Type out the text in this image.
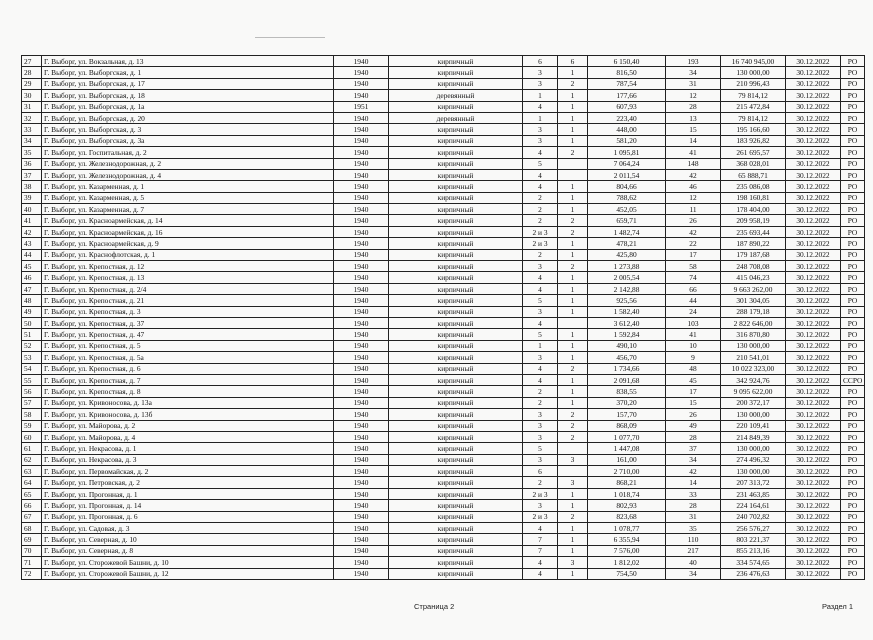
27	Г. Выборг, ул. Вокзальная, д. 13	1940	кирпичный	6	6	6 150,40	193	16 740 945,00	30.12.2022	РО
28	Г. Выборг, ул. Выборгская, д. 1	1940	кирпичный	3	1	816,50	34	130 000,00	30.12.2022	РО
29	Г. Выборг, ул. Выборгская, д. 17	1940	кирпичный	3	2	787,54	31	210 996,43	30.12.2022	РО
30	Г. Выборг, ул. Выборгская, д. 18	1940	деревянный	1	1	177,66	12	79 814,12	30.12.2022	РО
31	Г. Выборг, ул. Выборгская, д. 1а	1951	кирпичный	4	1	607,93	28	215 472,84	30.12.2022	РО
32	Г. Выборг, ул. Выборгская, д. 20	1940	деревянный	1	1	223,40	13	79 814,12	30.12.2022	РО
33	Г. Выборг, ул. Выборгская, д. 3	1940	кирпичный	3	1	448,00	15	195 166,60	30.12.2022	РО
34	Г. Выборг, ул. Выборгская, д. 3а	1940	кирпичный	3	1	581,20	14	183 926,82	30.12.2022	РО
35	Г. Выборг, ул. Госпитальная, д. 2	1940	кирпичный	4	2	1 095,81	41	261 695,57	30.12.2022	РО
36	Г. Выборг, ул. Железнодорожная, д. 2	1940	кирпичный	5		7 064,24	148	368 028,01	30.12.2022	РО
37	Г. Выборг, ул. Железнодорожная, д. 4	1940	кирпичный	4		2 011,54	42	65 888,71	30.12.2022	РО
38	Г. Выборг, ул. Казарменная, д. 1	1940	кирпичный	4	1	804,66	46	235 086,08	30.12.2022	РО
39	Г. Выборг, ул. Казарменная, д. 5	1940	кирпичный	2	1	788,62	12	198 160,81	30.12.2022	РО
40	Г. Выборг, ул. Казарменная, д. 7	1940	кирпичный	2	1	452,05	11	178 404,00	30.12.2022	РО
41	Г. Выборг, ул. Красноармейская, д. 14	1940	кирпичный	2	2	659,71	26	209 958,19	30.12.2022	РО
42	Г. Выборг, ул. Красноармейская, д. 16	1940	кирпичный	2 и 3	2	1 482,74	42	235 693,44	30.12.2022	РО
43	Г. Выборг, ул. Красноармейская, д. 9	1940	кирпичный	2 и 3	1	478,21	22	187 890,22	30.12.2022	РО
44	Г. Выборг, ул. Краснофлотская, д. 1	1940	кирпичный	2	1	425,80	17	179 187,68	30.12.2022	РО
45	Г. Выборг, ул. Крепостная, д. 12	1940	кирпичный	3	2	1 273,88	58	248 708,08	30.12.2022	РО
46	Г. Выборг, ул. Крепостная, д. 13	1940	кирпичный	4	1	2 005,54	74	415 046,23	30.12.2022	РО
47	Г. Выборг, ул. Крепостная, д. 2/4	1940	кирпичный	4	1	2 142,88	66	9 663 262,00	30.12.2022	РО
48	Г. Выборг, ул. Крепостная, д. 21	1940	кирпичный	5	1	925,56	44	301 304,05	30.12.2022	РО
49	Г. Выборг, ул. Крепостная, д. 3	1940	кирпичный	3	1	1 582,40	24	288 179,18	30.12.2022	РО
50	Г. Выборг, ул. Крепостная, д. 37	1940	кирпичный	4		3 612,40	103	2 822 646,00	30.12.2022	РО
51	Г. Выборг, ул. Крепостная, д. 47	1940	кирпичный	5	1	1 592,84	41	316 870,80	30.12.2022	РО
52	Г. Выборг, ул. Крепостная, д. 5	1940	кирпичный	1	1	490,10	10	130 000,00	30.12.2022	РО
53	Г. Выборг, ул. Крепостная, д. 5а	1940	кирпичный	3	1	456,70	9	210 541,01	30.12.2022	РО
54	Г. Выборг, ул. Крепостная, д. 6	1940	кирпичный	4	2	1 734,66	48	10 022 323,00	30.12.2022	РО
55	Г. Выборг, ул. Крепостная, д. 7	1940	кирпичный	4	1	2 091,68	45	342 924,76	30.12.2022	ССРО
56	Г. Выборг, ул. Крепостная, д. 8	1940	кирпичный	2	1	838,55	17	9 095 622,00	30.12.2022	РО
57	Г. Выборг, ул. Кривоносова, д. 13а	1940	кирпичный	2	1	370,20	15	200 372,17	30.12.2022	РО
58	Г. Выборг, ул. Кривоносова, д. 13б	1940	кирпичный	3	2	157,70	26	130 000,00	30.12.2022	РО
59	Г. Выборг, ул. Майорова, д. 2	1940	кирпичный	3	2	868,09	49	220 109,41	30.12.2022	РО
60	Г. Выборг, ул. Майорова, д. 4	1940	кирпичный	3	2	1 077,70	28	214 849,39	30.12.2022	РО
61	Г. Выборг, ул. Некрасова, д. 1	1940	кирпичный	5		1 447,08	37	130 000,00	30.12.2022	РО
62	Г. Выборг, ул. Некрасова, д. 3	1940	кирпичный	3	3	161,00	34	274 496,32	30.12.2022	РО
63	Г. Выборг, ул. Первомайская, д. 2	1940	кирпичный	6		2 710,00	42	130 000,00	30.12.2022	РО
64	Г. Выборг, ул. Петровская, д. 2	1940	кирпичный	2	3	868,21	14	207 313,72	30.12.2022	РО
65	Г. Выборг, ул. Прогонная, д. 1	1940	кирпичный	2 и 3	1	1 018,74	33	231 463,85	30.12.2022	РО
66	Г. Выборг, ул. Прогонная, д. 14	1940	кирпичный	3	1	802,93	28	224 164,61	30.12.2022	РО
67	Г. Выборг, ул. Прогонная, д. 6	1940	кирпичный	2 и 3	2	823,68	31	240 702,82	30.12.2022	РО
68	Г. Выборг, ул. Садовая, д. 3	1940	кирпичный	4	1	1 078,77	35	256 576,27	30.12.2022	РО
69	Г. Выборг, ул. Северная, д. 10	1940	кирпичный	7	1	6 355,94	110	803 221,37	30.12.2022	РО
70	Г. Выборг, ул. Северная, д. 8	1940	кирпичный	7	1	7 576,00	217	855 213,16	30.12.2022	РО
71	Г. Выборг, ул. Сторожевой Башни, д. 10	1940	кирпичный	4	3	1 812,02	40	334 574,65	30.12.2022	РО
72	Г. Выборг, ул. Сторожевой Башни, д. 12	1940	кирпичный	4	1	754,50	34	236 476,63	30.12.2022	РО
Страница 2	Раздел 1
